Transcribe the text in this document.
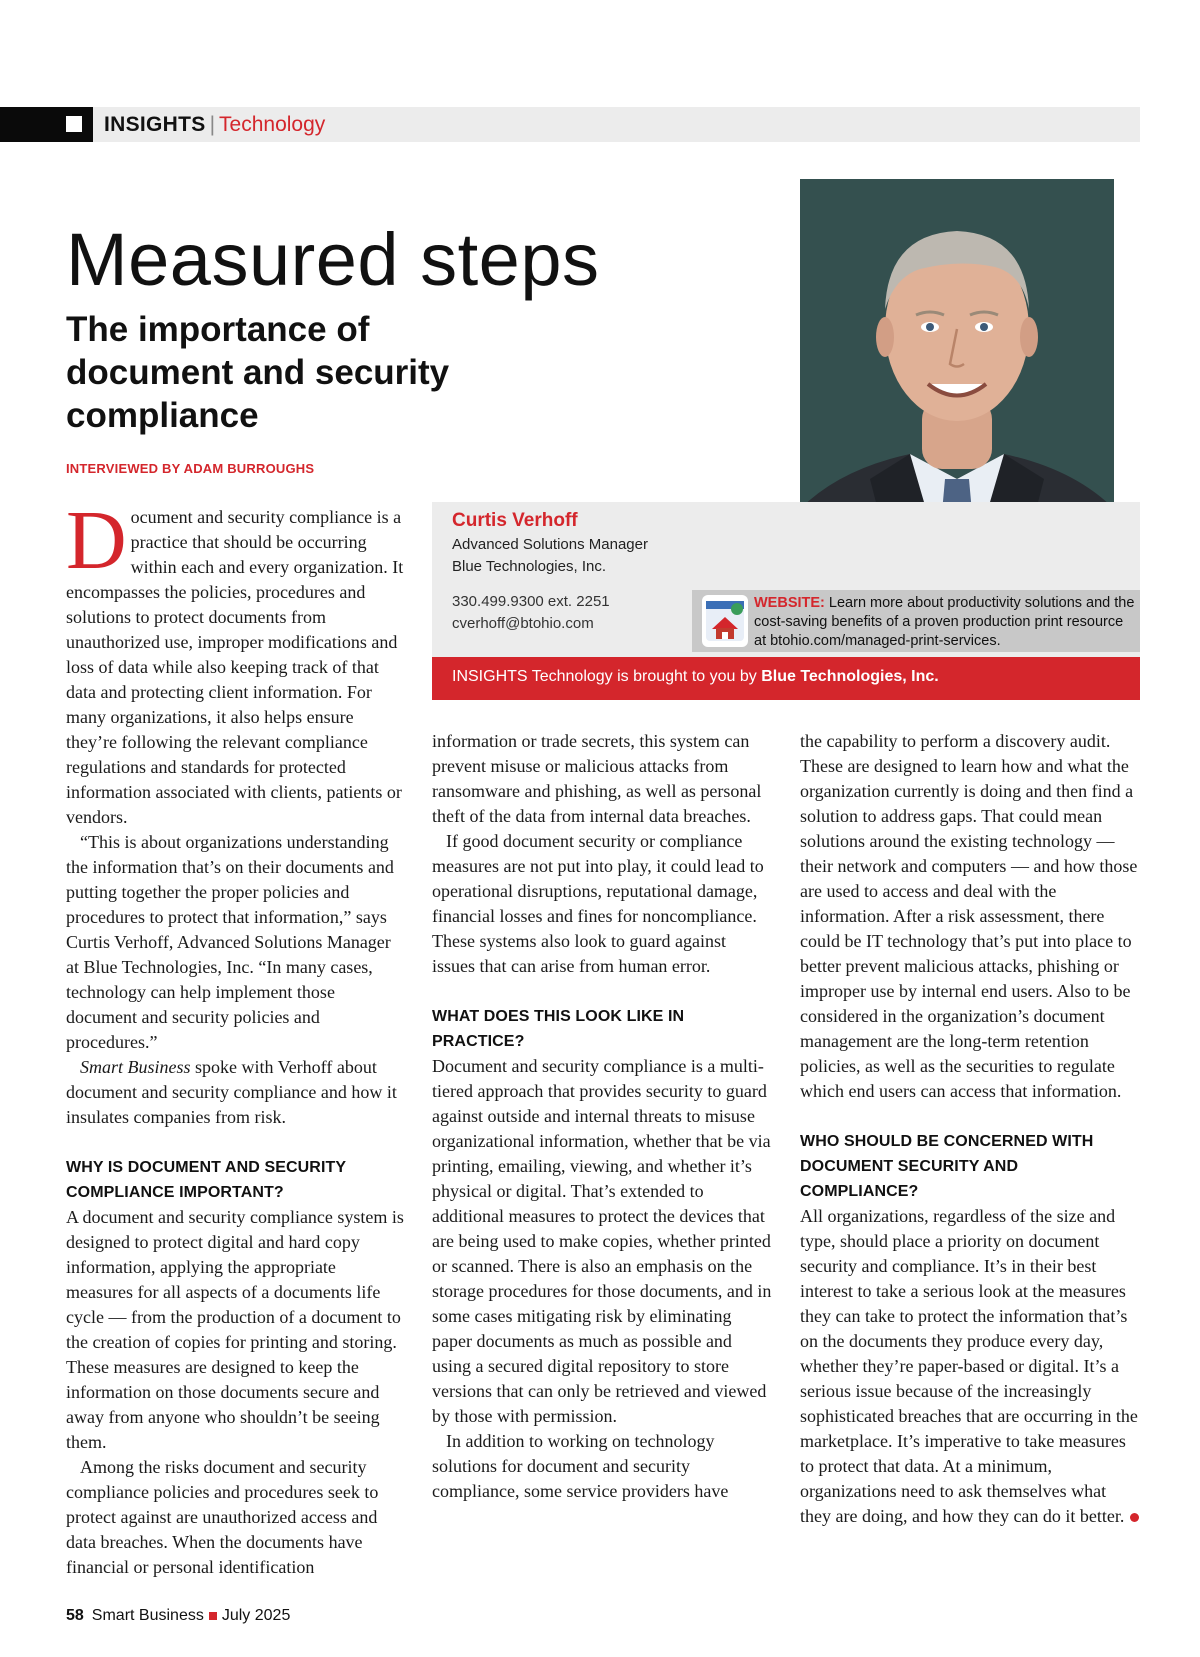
INSIGHTS | Technology
Measured steps
The importance of document and security compliance
INTERVIEWED BY ADAM BURROUGHS
Curtis Verhoff
Advanced Solutions Manager
Blue Technologies, Inc.
330.499.9300 ext. 2251
cverhoff@btohio.com
WEBSITE: Learn more about productivity solutions and the cost-saving benefits of a proven production print resource at btohio.com/managed-print-services.
INSIGHTS Technology is brought to you by Blue Technologies, Inc.

Document and security compliance is a practice that should be occurring within each and every organization. It encompasses the policies, procedures and solutions to protect documents from unauthorized use, improper modifications and loss of data while also keeping track of that data and protecting client information. For many organizations, it also helps ensure they’re following the relevant compliance regulations and standards for protected information associated with clients, patients or vendors.

“This is about organizations understanding the information that’s on their documents and putting together the proper policies and procedures to protect that information,” says Curtis Verhoff, Advanced Solutions Manager at Blue Technologies, Inc. “In many cases, technology can help implement those document and security policies and procedures.”

Smart Business spoke with Verhoff about document and security compliance and how it insulates companies from risk.

WHY IS DOCUMENT AND SECURITY COMPLIANCE IMPORTANT?

A document and security compliance system is designed to protect digital and hard copy information, applying the appropriate measures for all aspects of a documents life cycle — from the production of a document to the creation of copies for printing and storing. These measures are designed to keep the information on those documents secure and away from anyone who shouldn’t be seeing them.

Among the risks document and security compliance policies and procedures seek to protect against are unauthorized access and data breaches. When the documents have financial or personal identification

information or trade secrets, this system can prevent misuse or malicious attacks from ransomware and phishing, as well as personal theft of the data from internal data breaches.

If good document security or compliance measures are not put into play, it could lead to operational disruptions, reputational damage, financial losses and fines for noncompliance. These systems also look to guard against issues that can arise from human error.

WHAT DOES THIS LOOK LIKE IN PRACTICE?

Document and security compliance is a multi-tiered approach that provides security to guard against outside and internal threats to misuse organizational information, whether that be via printing, emailing, viewing, and whether it’s physical or digital. That’s extended to additional measures to protect the devices that are being used to make copies, whether printed or scanned. There is also an emphasis on the storage procedures for those documents, and in some cases mitigating risk by eliminating paper documents as much as possible and using a secured digital repository to store versions that can only be retrieved and viewed by those with permission.

In addition to working on technology solutions for document and security compliance, some service providers have

the capability to perform a discovery audit. These are designed to learn how and what the organization currently is doing and then find a solution to address gaps. That could mean solutions around the existing technology — their network and computers — and how those are used to access and deal with the information. After a risk assessment, there could be IT technology that’s put into place to better prevent malicious attacks, phishing or improper use by internal end users. Also to be considered in the organization’s document management are the long-term retention policies, as well as the securities to regulate which end users can access that information.

WHO SHOULD BE CONCERNED WITH DOCUMENT SECURITY AND COMPLIANCE?

All organizations, regardless of the size and type, should place a priority on document security and compliance. It’s in their best interest to take a serious look at the measures they can take to protect the information that’s on the documents they produce every day, whether they’re paper-based or digital. It’s a serious issue because of the increasingly sophisticated breaches that are occurring in the marketplace. It’s imperative to take measures to protect that data. At a minimum, organizations need to ask themselves what they are doing, and how they can do it better.

58 Smart Business July 2025
